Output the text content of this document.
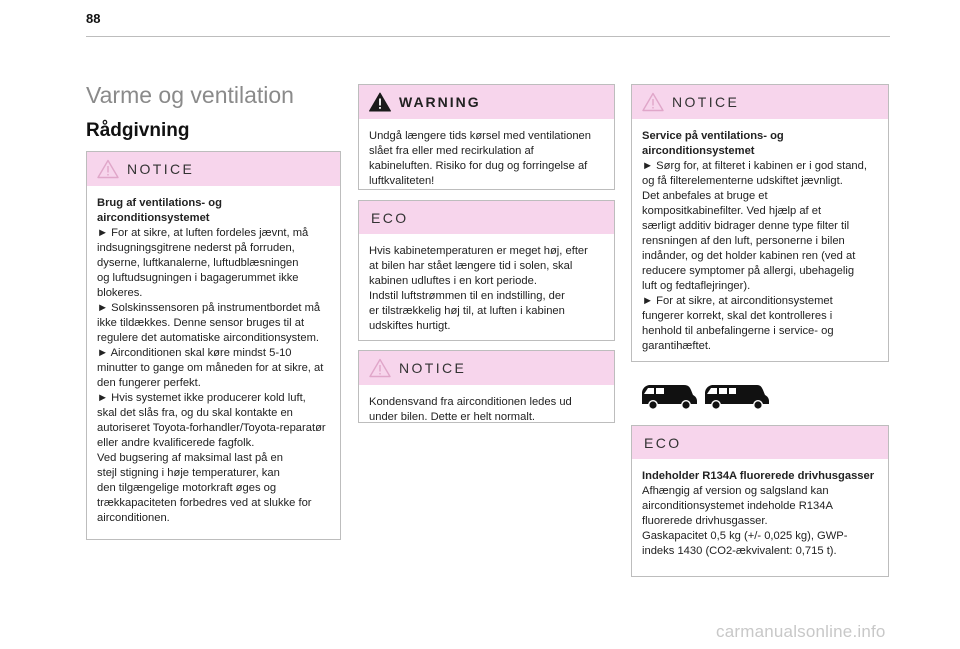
88
Varme og ventilation
Rådgivning
NOTICE

Brug af ventilations- og airconditionsystemet

► For at sikre, at luften fordeles jævnt, må

indsugningsgitrene nederst på forruden,

dyserne, luftkanalerne, luftudblæsningen

og luftudsugningen i bagagerummet ikke

blokeres.

► Solskinssensoren på instrumentbordet må

ikke tildækkes. Denne sensor bruges til at

regulere det automatiske airconditionsystem.

► Airconditionen skal køre mindst 5-10

minutter to gange om måneden for at sikre, at

den fungerer perfekt.

► Hvis systemet ikke producerer kold luft,

skal det slås fra, og du skal kontakte en

autoriseret Toyota-forhandler/Toyota-reparatør

eller andre kvalificerede fagfolk.

Ved bugsering af maksimal last på en

stejl stigning i høje temperaturer, kan

den tilgængelige motorkraft øges og

trækkapaciteten forbedres ved at slukke for

airconditionen.

WARNING

Undgå længere tids kørsel med ventilationen

slået fra eller med recirkulation af

kabineluften. Risiko for dug og forringelse af

luftkvaliteten!

ECO

Hvis kabinetemperaturen er meget høj, efter

at bilen har stået længere tid i solen, skal

kabinen udluftes i en kort periode.

Indstil luftstrømmen til en indstilling, der

er tilstrækkelig høj til, at luften i kabinen

udskiftes hurtigt.

NOTICE

Kondensvand fra airconditionen ledes ud

under bilen. Dette er helt normalt.

NOTICE

Service på ventilations- og airconditionsystemet

► Sørg for, at filteret i kabinen er i god stand,

og få filterelementerne udskiftet jævnligt.

Det anbefales at bruge et

kompositkabinefilter. Ved hjælp af et

særligt additiv bidrager denne type filter til

rensningen af den luft, personerne i bilen

indånder, og det holder kabinen ren (ved at

reducere symptomer på allergi, ubehagelig

luft og fedtaflejringer).

► For at sikre, at airconditionsystemet

fungerer korrekt, skal det kontrolleres i

henhold til anbefalingerne i service- og

garantihæftet.

ECO

Indeholder R134A fluorerede drivhusgasser

Afhængig af version og salgsland kan

airconditionsystemet indeholde R134A

fluorerede drivhusgasser.

Gaskapacitet 0,5 kg (+/- 0,025 kg), GWP-

indeks 1430 (CO2-ækvivalent: 0,715 t).

carmanualsonline.info
